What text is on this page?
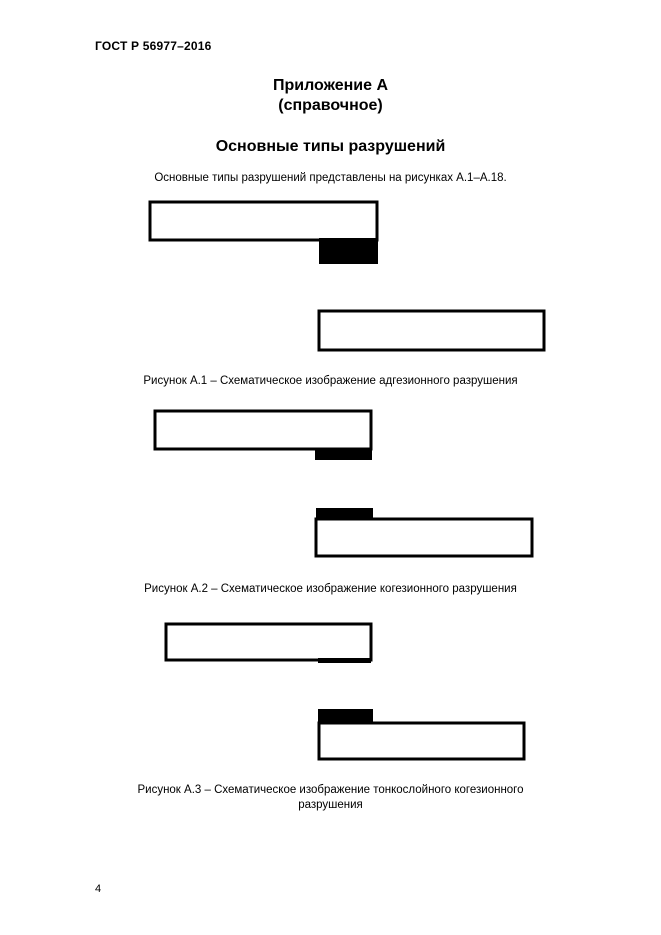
ГОСТ Р 56977–2016
Приложение А
(справочное)
Основные типы разрушений
Основные типы разрушений представлены на рисунках А.1–А.18.
Рисунок А.1 – Схематическое изображение адгезионного разрушения
Рисунок А.2 – Схематическое изображение когезионного разрушения
Рисунок А.3 – Схематическое изображение тонкослойного когезионного
разрушения
4
